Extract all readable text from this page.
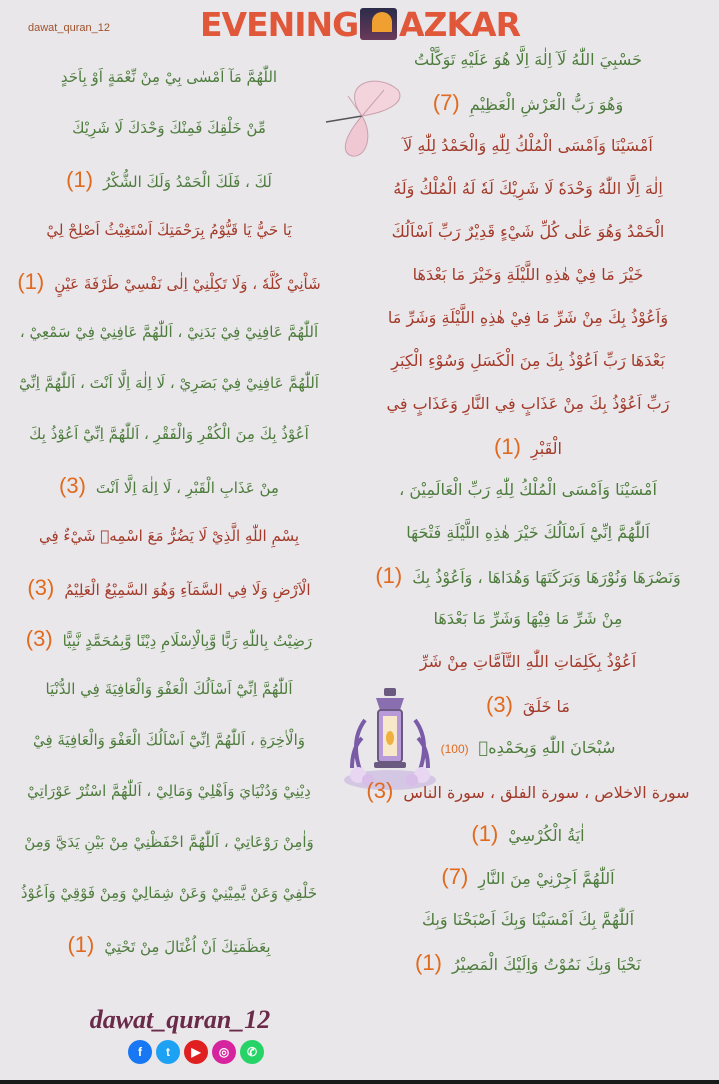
dawat_quran_12	EVENING AZKAR
اللّٰهُمَّ مَآ اَمْسٰى بِيْ مِنْ نِّعْمَةٍ اَوْ بِاَحَدٍ
مِّنْ خَلْقِكَ فَمِنْكَ وَحْدَكَ لَا شَرِيْكَ
لَكَ ، فَلَكَ الْحَمْدُ وَلَكَ الشُّكْرُ(1)
يَا حَيُّ يَا قَيُّوْمُ بِرَحْمَتِكَ اَسْتَغِيْثُ اَصْلِحْ لِيْ
شَاْنِيْ كُلَّهٗ ، وَلَا تَكِلْنِيْ اِلٰى نَفْسِيْ طَرْفَةَ عَيْنٍ(1)
اَللّٰهُمَّ عَافِنِيْ فِيْ بَدَنِيْ ، اَللّٰهُمَّ عَافِنِيْ فِيْ سَمْعِيْ ،
اَللّٰهُمَّ عَافِنِيْ فِيْ بَصَرِيْ ، لَا اِلٰهَ اِلَّا اَنْتَ ، اَللّٰهُمَّ اِنِّيْٓ
اَعُوْذُ بِكَ مِنَ الْكُفْرِ وَالْفَقْرِ ، اَللّٰهُمَّ اِنِّيْٓ اَعُوْذُ بِكَ
مِنْ عَذَابِ الْقَبْرِ ، لَا اِلٰهَ اِلَّا اَنْتَ(3)
بِسْمِ اللّٰهِ الَّذِيْ لَا يَضُرُّ مَعَ اسْمِهٖ شَيْءٌ فِي
الْاَرْضِ وَلَا فِي السَّمَآءِ وَهُوَ السَّمِيْعُ الْعَلِيْمُ(3)
رَضِيْتُ بِاللّٰهِ رَبًّا وَّبِالْاِسْلَامِ دِيْنًا وَّبِمُحَمَّدٍ نَّبِيًّا(3)
اَللّٰهُمَّ اِنِّيْٓ اَسْاَلُكَ الْعَفْوَ وَالْعَافِيَةَ فِي الدُّنْيَا
وَالْاٰخِرَةِ ، اَللّٰهُمَّ اِنِّيْٓ اَسْاَلُكَ الْعَفْوَ وَالْعَافِيَةَ فِيْ
دِيْنِيْ وَدُنْيَايَ وَاَهْلِيْ وَمَالِيْ ، اَللّٰهُمَّ اسْتُرْ عَوْرَاتِيْ
وَاٰمِنْ رَوْعَاتِيْ ، اَللّٰهُمَّ احْفَظْنِيْ مِنْ بَيْنِ يَدَيَّ وَمِنْ
خَلْفِيْ وَعَنْ يَّمِيْنِيْ وَعَنْ شِمَالِيْ وَمِنْ فَوْقِيْ وَاَعُوْذُ
بِعَظَمَتِكَ اَنْ اُغْتَالَ مِنْ تَحْتِيْ(1)
حَسْبِيَ اللّٰهُ لَآ اِلٰهَ اِلَّا هُوَ عَلَيْهِ تَوَكَّلْتُ
وَهُوَ رَبُّ الْعَرْشِ الْعَظِيْمِ(7)
اَمْسَيْنَا وَاَمْسَى الْمُلْكُ لِلّٰهِ وَالْحَمْدُ لِلّٰهِ لَآ
اِلٰهَ اِلَّا اللّٰهُ وَحْدَهٗ لَا شَرِيْكَ لَهٗ لَهُ الْمُلْكُ وَلَهُ
الْحَمْدُ وَهُوَ عَلٰى كُلِّ شَيْءٍ قَدِيْرٌ رَبِّ اَسْاَلُكَ
خَيْرَ مَا فِيْ هٰذِهِ اللَّيْلَةِ وَخَيْرَ مَا بَعْدَهَا
وَاَعُوْذُ بِكَ مِنْ شَرِّ مَا فِيْ هٰذِهِ اللَّيْلَةِ وَشَرِّ مَا
بَعْدَهَا رَبِّ اَعُوْذُ بِكَ مِنَ الْكَسَلِ وَسُوْءِ الْكِبَرِ
رَبِّ اَعُوْذُ بِكَ مِنْ عَذَابٍ فِي النَّارِ وَعَذَابٍ فِي
الْقَبْرِ(1)
اَمْسَيْنَا وَاَمْسَى الْمُلْكُ لِلّٰهِ رَبِّ الْعَالَمِيْنَ ،
اَللّٰهُمَّ اِنِّيْٓ اَسْاَلُكَ خَيْرَ هٰذِهِ اللَّيْلَةِ فَتْحَهَا
وَنَصْرَهَا وَنُوْرَهَا وَبَرَكَتَهَا وَهُدَاهَا ، وَاَعُوْذُ بِكَ(1)
مِنْ شَرِّ مَا فِيْهَا وَشَرِّ مَا بَعْدَهَا
اَعُوْذُ بِكَلِمَاتِ اللّٰهِ التَّآمَّاتِ مِنْ شَرِّ
مَا خَلَقَ(3)
سُبْحَانَ اللّٰهِ وَبِحَمْدِهٖ(100)
سورة الاخلاص ، سورة الفلق ، سورة الناس(3)
اٰيَةُ الْكُرْسِيْ(1)
اَللّٰهُمَّ اَجِرْنِيْ مِنَ النَّارِ(7)
اَللّٰهُمَّ بِكَ اَمْسَيْنَا وَبِكَ اَصْبَحْنَا وَبِكَ
نَحْيَا وَبِكَ نَمُوْتُ وَاِلَيْكَ الْمَصِيْرُ(1)
dawat_quran_12
f	t	▶	◎	✆
